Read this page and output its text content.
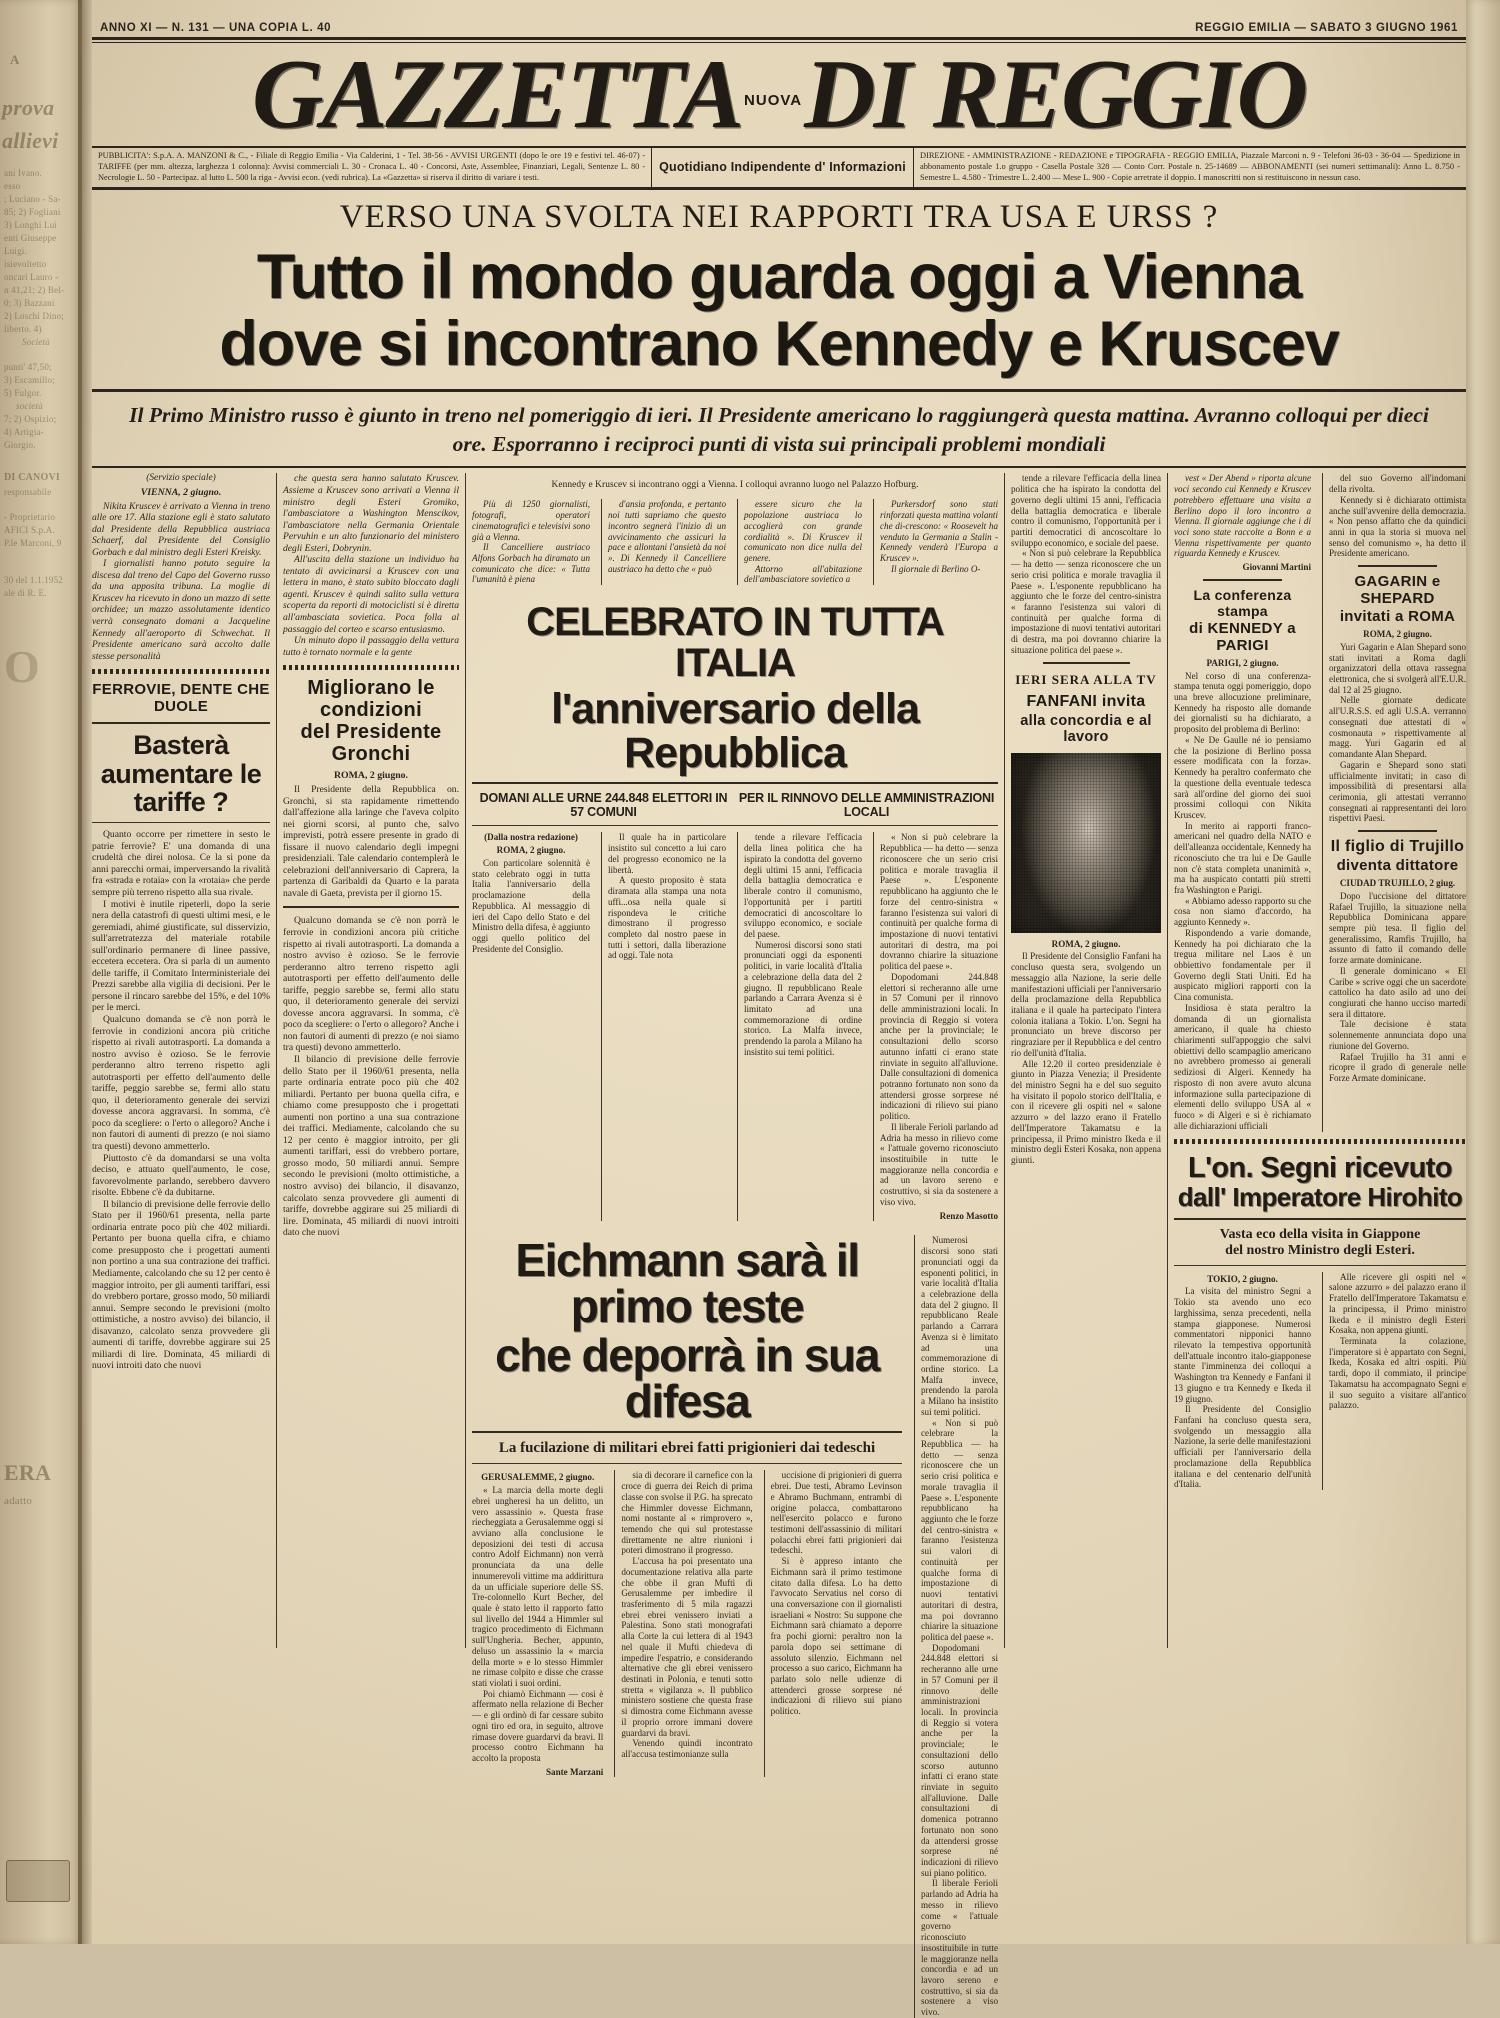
A
prova
allievi
ani Ivano.
esso
; Luciano - Sa-
85; 2) Fogliani
3) Longhi Lui
enti Giuseppe
Luigi.
isievoltetto
oncari Lauro -
n 41,21; 2) Bel-
0; 3) Bazzani
2) Loschi Dino;
liberto. 4)
Società
punti' 47,50;
3) Escamillo;
5) Fulgor.
società
7; 2) Ospizio;
4) Artigia-
Giorgio.
DI CANOVI
responsabile
- Proprietario
AFICI S.p.A.
P.le Marconi, 9
30 del 1.1.1952
ale di R. E.
O
ERA
adatto
ANNO XI — N. 131 — UNA COPIA L. 40	REGGIO EMILIA — SABATO 3 GIUGNO 1961
GAZZETTA $^{NUOVA}$DI REGGIO
PUBBLICITA': S.p.A. A. MANZONI & C., - Filiale di Reggio Emilia - Via Calderini, 1 - Tel. 38-56 - AVVISI URGENTI (dopo le ore 19 e festivi tel. 46-07) - TARIFFE (per mm. altezza, larghezza 1 colonna): Avvisi commerciali L. 30 - Cronaca L. 40 - Concorsi, Aste, Assemblee, Finanziari, Legali, Sentenze L. 80 - Necrologie L. 50 - Partecipaz. al lutto L. 500 la riga - Avvisi econ. (vedi rubrica). La «Gazzetta» si riserva il diritto di variare i testi.
Quotidiano Indipendente d' Informazioni
DIREZIONE - AMMINISTRAZIONE - REDAZIONE e TIPOGRAFIA - REGGIO EMILIA, Piazzale Marconi n. 9 - Telefoni 36-03 - 36-04 — Spedizione in abbonamento postale 1.o gruppo - Casella Postale 328 — Conto Corr. Postale n. 25-14689 — ABBONAMENTI (sei numeri settimanali): Anno L. 8.750 - Semestre L. 4.580 - Trimestre L. 2.400 — Mese L. 900 - Copie arretrate il doppio. I manoscritti non si restituiscono in nessun caso.
VERSO UNA SVOLTA NEI RAPPORTI TRA USA E URSS ?
Tutto il mondo guarda oggi a Vienna
dove si incontrano Kennedy e Kruscev
Il Primo Ministro russo è giunto in treno nel pomeriggio di ieri. Il Presidente americano lo raggiungerà questa mattina. Avranno colloqui per dieci ore. Esporranno i reciproci punti di vista sui principali problemi mondiali

(Servizio speciale)

VIENNA, 2 giugno.

Nikita Kruscev è arrivato a Vienna in treno alle ore 17. Alla stazione egli è stato salutato dal Presidente della Repubblica austriaca Schaerf, dal Presidente del Consiglio Gorbach e dal ministro degli Esteri Kreisky.

I giornalisti hanno potuto seguire la discesa dal treno del Capo del Governo russo da una apposita tribuna. La moglie di Kruscev ha ricevuto in dono un mazzo di sette orchidee; un mazzo assolutamente identico verrà consegnato domani a Jacqueline Kennedy all'aeroporto di Schwechat. Il Presidente americano sarà accolto dalle stesse personalità

FERROVIE, DENTE CHE DUOLE
Basterà aumentare le tariffe ?

Quanto occorre per rimettere in sesto le patrie ferrovie? E' una domanda di una crudeltà che direi nolosa. Ce la si pone da anni parecchi ormai, imperversando la rivalità fra «strada e rotaia» con la «rotaia» che perde sempre più terreno rispetto alla sua rivale.

I motivi è inutile ripeterli, dopo la serie nera della catastrofi di questi ultimi mesi, e le geremiadi, ahimé giustificate, sul disservizio, sull'arretratezza del materiale rotabile sull'ordinario permanere di linee passive, eccetera eccetera. Ora si parla di un aumento delle tariffe, il Comitato Interministeriale dei Prezzi sarebbe alla vigilia di decisioni. Per le persone il rincaro sarebbe del 15%, e del 10% per le merci.

Qualcuno domanda se c'è non porrà le ferrovie in condizioni ancora più critiche rispetto ai rivali autotrasporti. La domanda a nostro avviso è ozioso. Se le ferrovie perderanno altro terreno rispetto agli autotrasporti per effetto dell'aumento delle tariffe, peggio sarebbe se, fermi allo statu quo, il deterioramento generale dei servizi dovesse ancora aggravarsi. In somma, c'è poco da scegliere: o l'erto o allegoro? Anche i non fautori di aumenti di prezzo (e noi siamo tra questi) devono ammetterlo.

Piuttosto c'è da domandarsi se una volta deciso, e attuato quell'aumento, le cose, favorevolmente parlando, serebbero davvero risolte. Ebbene c'è da dubitarne.

Il bilancio di previsione delle ferrovie dello Stato per il 1960/61 presenta, nella parte ordinaria entrate poco più che 402 miliardi. Pertanto per buona quella cifra, e chiamo come presupposto che i progettati aumenti non portino a una sua contrazione dei traffici. Mediamente, calcolando che su 12 per cento è maggior introito, per gli aumenti tariffari, essi do vrebbero portare, grosso modo, 50 miliardi annui. Sempre secondo le previsioni (molto ottimistiche, a nostro avviso) dei bilancio, il disavanzo, calcolato senza provvedere gli aumenti di tariffe, dovrebbe aggirare sui 25 miliardi di lire. Dominata, 45 miliardi di nuovi introiti dato che nuovi

che questa sera hanno salutato Kruscev. Assieme a Kruscev sono arrivati a Vienna il ministro degli Esteri Gromiko, l'ambasciatore a Washington Menscikov, l'ambasciatore nella Germania Orientale Pervuhin e un alto funzionario del ministero degli Esteri, Dobrynin.

All'uscita della stazione un individuo ha tentato di avvicinarsi a Kruscev con una lettera in mano, è stato subito bloccato dagli agenti. Kruscev è quindi salito sulla vettura scoperta da reporti di motociclisti si è diretta all'ambasciata sovietica. Poca folla al passaggio del corteo e scarso entusiasmo.

Un minuto dopo il passaggio della vettura tutto è tornato normale e la gente

Migliorano le condizioni
del Presidente Gronchi

ROMA, 2 giugno.

Il Presidente della Repubblica on. Gronchi, si sta rapidamente rimettendo dall'affezione alla laringe che l'aveva colpito nei giorni scorsi, al punto che, salvo imprevisti, potrà essere presente in grado di fissare il nuovo calendario degli impegni presidenziali. Tale calendario contemplerà le celebrazioni dell'anniversario di Caprera, la partenza di Garibaldi da Quarto e la parata navale di Gaeta, prevista per il giorno 15.

Qualcuno domanda se c'è non porrà le ferrovie in condizioni ancora più critiche rispetto ai rivali autotrasporti. La domanda a nostro avviso è ozioso. Se le ferrovie perderanno altro terreno rispetto agli autotrasporti per effetto dell'aumento delle tariffe, peggio sarebbe se, fermi allo statu quo, il deterioramento generale dei servizi dovesse ancora aggravarsi. In somma, c'è poco da scegliere: o l'erto o allegoro? Anche i non fautori di aumenti di prezzo (e noi siamo tra questi) devono ammetterlo.

Il bilancio di previsione delle ferrovie dello Stato per il 1960/61 presenta, nella parte ordinaria entrate poco più che 402 miliardi. Pertanto per buona quella cifra, e chiamo come presupposto che i progettati aumenti non portino a una sua contrazione dei traffici. Mediamente, calcolando che su 12 per cento è maggior introito, per gli aumenti tariffari, essi do vrebbero portare, grosso modo, 50 miliardi annui. Sempre secondo le previsioni (molto ottimistiche, a nostro avviso) dei bilancio, il disavanzo, calcolato senza provvedere gli aumenti di tariffe, dovrebbe aggirare sui 25 miliardi di lire. Dominata, 45 miliardi di nuovi introiti dato che nuovi

Kennedy e Kruscev si incontrano oggi a Vienna. I colloqui avranno luogo nel Palazzo Hofburg.

Più di 1250 giornalisti, fotografi, operatori cinematografici e televisivi sono già a Vienna.

Il Cancelliere austriaco Alfons Gorbach ha diramato un comunicato che dice: « Tutta l'umanità è piena

d'ansia profonda, e pertanto noi tutti sapriamo che questo incontro segnerà l'inizio di un avvicinamento che assicuri la pace e allontani l'ansietà da noi ». Di Kennedy il Cancelliere austriaco ha detto che « può

essere sicuro che la popolazione austriaca lo accoglierà con grande cordialità ». Di Kruscev il comunicato non dice nulla del genere.

Attorno all'abitazione dell'ambasciatore sovietico a

Purkersdorf sono stati rinforzati questa mattina volanti che di-crescono: « Roosevelt ha venduto la Germania a Stalin - Kennedy venderà l'Europa a Kruscev ».

Il giornale di Berlino O-

CELEBRATO IN TUTTA ITALIA
l'anniversario della Repubblica
DOMANI ALLE URNE 244.848 ELETTORI IN 57 COMUNI
PER IL RINNOVO DELLE AMMINISTRAZIONI LOCALI

(Dalla nostra redazione)

ROMA, 2 giugno.

Con particolare solennità è stato celebrato oggi in tutta Italia l'anniversario della proclamazione della Repubblica. Al messaggio di ieri del Capo dello Stato e del Ministro della difesa, è aggiunto oggi quello politico del Presidente del Consiglio.

Il quale ha in particolare insistito sul concetto a lui caro del progresso economico ne la libertà.

A questo proposito è stata diramata alla stampa una nota uffi...osa nella quale si rispondeva le critiche dimostrano il progresso completo dal nostro paese in tutti i settori, dalla liberazione ad oggi. Tale nota

tende a rilevare l'efficacia della linea politica che ha ispirato la condotta del governo degli ultimi 15 anni, l'efficacia della battaglia democratica e liberale contro il comunismo, l'opportunità per i partiti democratici di ancoscoltare lo sviluppo economico, e sociale del paese.

Numerosi discorsi sono stati pronunciati oggi da esponenti politici, in varie località d'Italia a celebrazione della data del 2 giugno. Il repubblicano Reale parlando a Carrara Avenza si è limitato ad una commemorazione di ordine storico. La Malfa invece, prendendo la parola a Milano ha insistito sui temi politici.

« Non si può celebrare la Repubblica — ha detto — senza riconoscere che un serio crisi politica e morale travaglia il Paese ». L'esponente repubblicano ha aggiunto che le forze del centro-sinistra « faranno l'esistenza sui valori di continuità per qualche forma di impostazione di nuovi tentativi autoritari di destra, ma poi dovranno chiarire la situazione politica del paese ».

Dopodomani 244.848 elettori si recheranno alle urne in 57 Comuni per il rinnovo delle amministrazioni locali. In provincia di Reggio si votera anche per la provinciale; le consultazioni dello scorso autunno infatti ci erano state rinviate in seguito all'alluvione. Dalle consultazioni di domenica potranno fortunato non sono da attendersi grosse sorprese né indicazioni di rilievo sui piano politico.

Il liberale Ferioli parlando ad Adria ha messo in rilievo come « l'attuale governo riconosciuto insostituibile in tutte le maggioranze nella concordia e ad un lavoro sereno e costruttivo, si sia da sostenere a viso vivo.

Renzo Masotto

Eichmann sarà il primo teste
che deporrà in sua difesa
La fucilazione di militari ebrei fatti prigionieri dai tedeschi

GERUSALEMME, 2 giugno.

« La marcia della morte degli ebrei ungheresi ha un delitto, un vero assassinio ». Questa frase riecheggiata a Gerusalemme oggi si avviano alla conclusione le deposizioni dei testi di accusa contro Adolf Eichmann) non verrà pronunciata da una delle innumerevoli vittime ma addirittura da un ufficiale superiore delle SS. Tre-colonnello Kurt Becher, del quale è stato letto il rapporto fatto sul livello del 1944 a Himmler sul tragico procedimento di Eichmann sull'Ungheria. Becher, appunto, deluso un assassinio la « marcia della morte » e lo stesso Himmler ne rimase colpito e disse che crasse stati violati i suoi ordini.

Poi chiamò Eichmann — così è affermato nella relazione di Becher — e gli ordinò di far cessare subito ogni tiro ed ora, in seguito, altrove rimase dovere guardarvi da bravi. Il processo contro Eichmann ha accolto la proposta

Sante Marzani

sia di decorare il carnefice con la croce di guerra dei Reich di prima classe con svolse il P.G. ha sprecato che Himmler dovesse Eichmann, nomi nostante al « rimprovero », temendo che qui sul protestasse direttamente ne altre riunioni i poteri dimostrano il progresso.

L'accusa ha poi presentato una documentazione relativa alla parte che obbe il gran Muftì di Gerusalemme per imbedire il trasferimento di 5 mila ragazzi ebrei ebrei venissero inviati a Palestina. Sono stati monografati alla Corte la cui lettera di al 1943 nel quale il Mufti chiedeva di impedire l'espatrio, e considerando alternative che gli ebrei venissero destinati in Polonia, e tenuti sotto stretta « vigilanza ». Il pubblico ministero sostiene che questa frase si dimostra come Eichmann avesse il proprio orrore immani dovere guardarvi da bravi.

Venendo quindi incontrato all'accusa testimonianze sulla

uccisione di prigionieri di guerra ebrei. Due testi, Abramo Levinson e Abramo Buchmann, entrambi di origine polacca, combattarono nell'esercito polacco e furono testimoni dell'assassinio di militari polacchi ebrei fatti prigionieri dai tedeschi.

Si è appreso intanto che Eichmann sarà il primo testimone citato dalla difesa. Lo ha detto l'avvocato Servatius nel corso di una conversazione con il giornalisti israeliani « Nostro: Su suppone che Eichmann sarà chiamato a deporre fra pochi giorni: peraltro non la parola dopo sei settimane di assoluto silenzio. Eichmann nel processo a suo carico, Eichmann ha parlato solo nelle udienze di attenderci grosse sorprese né indicazioni di rilievo sui piano politico.

Numerosi discorsi sono stati pronunciati oggi da esponenti politici, in varie località d'Italia a celebrazione della data del 2 giugno. Il repubblicano Reale parlando a Carrara Avenza si è limitato ad una commemorazione di ordine storico. La Malfa invece, prendendo la parola a Milano ha insistito sui temi politici.

« Non si può celebrare la Repubblica — ha detto — senza riconoscere che un serio crisi politica e morale travaglia il Paese ». L'esponente repubblicano ha aggiunto che le forze del centro-sinistra « faranno l'esistenza sui valori di continuità per qualche forma di impostazione di nuovi tentativi autoritari di destra, ma poi dovranno chiarire la situazione politica del paese ».

Dopodomani 244.848 elettori si recheranno alle urne in 57 Comuni per il rinnovo delle amministrazioni locali. In provincia di Reggio si votera anche per la provinciale; le consultazioni dello scorso autunno infatti ci erano state rinviate in seguito all'alluvione. Dalle consultazioni di domenica potranno fortunato non sono da attendersi grosse sorprese né indicazioni di rilievo sui piano politico.

Il liberale Ferioli parlando ad Adria ha messo in rilievo come « l'attuale governo riconosciuto insostituibile in tutte le maggioranze nella concordia e ad un lavoro sereno e costruttivo, si sia da sostenere a viso vivo.

tende a rilevare l'efficacia della linea politica che ha ispirato la condotta del governo degli ultimi 15 anni, l'efficacia della battaglia democratica e liberale contro il comunismo, l'opportunità per i partiti democratici di ancoscoltare lo sviluppo economico, e sociale del paese.

« Non si può celebrare la Repubblica — ha detto — senza riconoscere che un serio crisi politica e morale travaglia il Paese ». L'esponente repubblicano ha aggiunto che le forze del centro-sinistra « faranno l'esistenza sui valori di continuità per qualche forma di impostazione di nuovi tentativi autoritari di destra, ma poi dovranno chiarire la situazione politica del paese ».

IERI SERA ALLA TV
FANFANI invita
alla concordia e al lavoro

ROMA, 2 giugno.

Il Presidente del Consiglio Fanfani ha concluso questa sera, svolgendo un messaggio alla Nazione, la serie delle manifestazioni ufficiali per l'anniversario della proclamazione della Repubblica italiana e il quale ha partecipato l'intera colonia italiana a Tokio. L'on. Segni ha pronunciato un breve discorso per ringraziare per il Repubblica e del centro rio dell'unità d'Italia.

Alle 12.20 il corteo presidenziale è giunto in Piazza Venezia; il Presidente del ministro Segni ha e del suo seguito ha visitato il popolo storico dell'Italia, e con il ricevere gli ospiti nel « salone azzurro » del lazzo erano il Fratello dell'Imperatore Takamatsu e la principessa, il Primo ministro Ikeda e il ministro degli Esteri Kosaka, non appena giunti.

vest « Der Abend » riporta alcune voci secondo cui Kennedy e Kruscev potrebbero effettuare una visita a Berlino dopo il loro incontro a Vienna. Il giornale aggiunge che i di voci sono state raccolte a Bonn e a Vienna rispettivamente per quanto riguarda Kennedy e Kruscev.

Giovanni Martini

La conferenza stampa
di KENNEDY a PARIGI

PARIGI, 2 giugno.

Nel corso di una conferenza-stampa tenuta oggi pomeriggio, dopo una breve allocuzione preliminare, Kennedy ha risposto alle domande dei giornalisti su ha dichiarato, a proposito del problema di Berlino:

« Ne De Gaulle né io pensiamo che la posizione di Berlino possa essere modificata con la forza». Kennedy ha peraltro confermato che la questione della eventuale tedesca sarà all'ordine del giorno dei suoi prossimi colloqui con Nikita Kruscev.

In merito ai rapporti franco-americani nel quadro della NATO e dell'alleanza occidentale, Kennedy ha riconosciuto che tra lui e De Gaulle non c'è stata completa unanimità », ma ha auspicato contatti più stretti fra Washington e Parigi.

« Abbiamo adesso rapporto su che cosa non siamo d'accordo, ha aggiunto Kennedy ».

Rispondendo a varie domande, Kennedy ha poi dichiarato che la tregua militare nel Laos è un obbiettivo fondamentale per il Governo degli Stati Uniti. Ed ha auspicato migliori rapporti con la Cina comunista.

Insidiosa è stata peraltro la domanda di un giornalista americano, il quale ha chiesto chiarimenti sull'appoggio che salvi obiettivi dello scampaglio americano no avrebbero promesso ai generali sediziosi di Algeri. Kennedy ha risposto di non avere avuto alcuna informazione sulla partecipazione di elementi dello sviluppo USA al « fuoco » di Algeri e si è richiamato alle dichiarazioni ufficiali

del suo Governo all'indomani della rivolta.

Kennedy si è dichiarato ottimista anche sull'avvenire della democrazia. « Non penso affatto che da quindici anni in qua la storia si muova nel senso del comunismo », ha detto il Presidente americano.

GAGARIN e SHEPARD
invitati a ROMA

ROMA, 2 giugno.

Yuri Gagarin e Alan Shepard sono stati invitati a Roma dagli organizzatori della ottava rassegna elettronica, che si svolgerà all'E.U.R. dal 12 al 25 giugno.

Nelle giornate dedicate all'U.R.S.S. ed agli U.S.A. verranno consegnati due attestati di « cosmonauta » rispettivamente al magg. Yuri Gagarin ed al comandante Alan Shepard.

Gagarin e Shepard sono stati ufficialmente invitati; in caso di impossibilità di presentarsi alla cerimonia, gli attestati verranno consegnati ai rappresentanti dei loro rispettivi Paesi.

Il figlio di Trujillo
diventa dittatore

CIUDAD TRUJILLO, 2 giug.

Dopo l'uccisione del dittatore Rafael Trujillo, la situazione nella Repubblica Dominicana appare sempre più tesa. Il figlio del generalissimo, Ramfis Trujillo, ha assunto di fatto il comando delle forze armate dominicane.

Il generale dominicano « El Caribe » scrive oggi che un sacerdote cattolico ha dato asilo ad uno dei congiurati che hanno ucciso martedì sera il dittatore.

Tale decisione è stata solennemente annunciata dopo una riunione del Governo.

Rafael Trujillo ha 31 anni e ricopre il grado di generale nelle Forze Armate dominicane.

L'on. Segni ricevuto
dall' Imperatore Hirohito
Vasta eco della visita in Giappone
del nostro Ministro degli Esteri.

TOKIO, 2 giugno.

La visita del ministro Segni a Tokio sta avendo uno eco larghissima, senza precedenti, nella stampa giapponese. Numerosi commentatori nipponici hanno rilevato la tempestiva opportunità dell'attuale incontro italo-giapponese stante l'imminenza dei colloqui a Washington tra Kennedy e Fanfani il 13 giugno e tra Kennedy e Ikeda il 19 giugno.

Il Presidente del Consiglio Fanfani ha concluso questa sera, svolgendo un messaggio alla Nazione, la serie delle manifestazioni ufficiali per l'anniversario della proclamazione della Repubblica italiana e del centenario dell'unità d'Italia.

Alle ricevere gli ospiti nel « salone azzurro » del palazzo erano il Fratello dell'Imperatore Takamatsu e la principessa, il Primo ministro Ikeda e il ministro degli Esteri Kosaka, non appena giunti.

Terminata la colazione, l'imperatore si è appartato con Segni, Ikeda, Kosaka ed altri ospiti. Più tardi, dopo il commiato, il principe Takamatsu ha accompagnato Segni e il suo seguito a visitare all'antico palazzo.
